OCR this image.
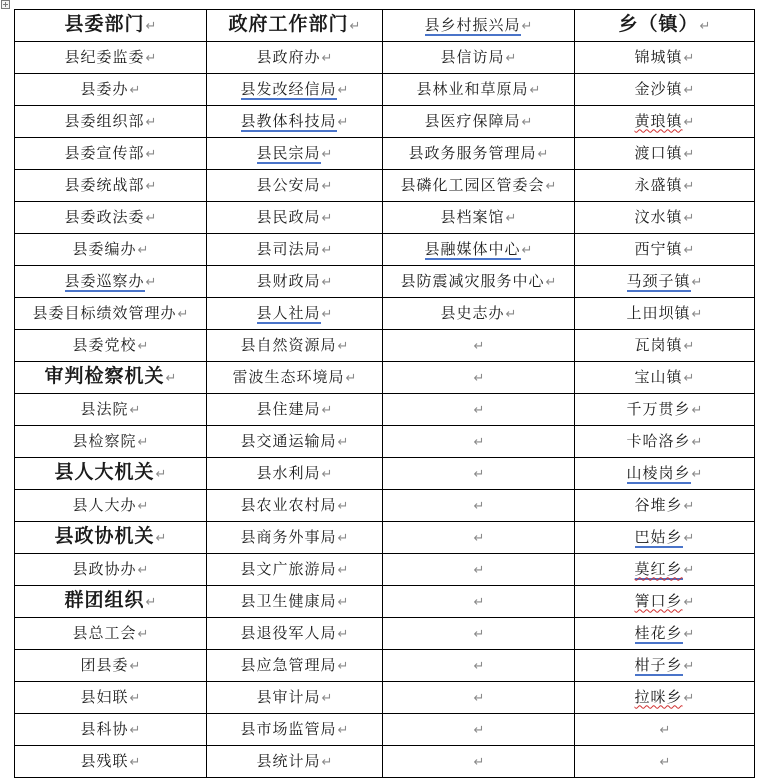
县委部门↵	政府工作部门↵	县乡村振兴局↵	乡（镇）↵
县纪委监委↵	县政府办↵	县信访局↵	锦城镇↵
县委办↵	县发改经信局↵	县林业和草原局↵	金沙镇↵
县委组织部↵	县教体科技局↵	县医疗保障局↵	黄琅镇↵
县委宣传部↵	县民宗局↵	县政务服务管理局↵	渡口镇↵
县委统战部↵	县公安局↵	县磷化工园区管委会↵	永盛镇↵
县委政法委↵	县民政局↵	县档案馆↵	汶水镇↵
县委编办↵	县司法局↵	县融媒体中心↵	西宁镇↵
县委巡察办↵	县财政局↵	县防震减灾服务中心↵	马颈子镇↵
县委目标绩效管理办↵	县人社局↵	县史志办↵	上田坝镇↵
县委党校↵	县自然资源局↵	↵	瓦岗镇↵
审判检察机关↵	雷波生态环境局↵	↵	宝山镇↵
县法院↵	县住建局↵	↵	千万贯乡↵
县检察院↵	县交通运输局↵	↵	卡哈洛乡↵
县人大机关↵	县水利局↵	↵	山棱岗乡↵
县人大办↵	县农业农村局↵	↵	谷堆乡↵
县政协机关↵	县商务外事局↵	↵	巴姑乡↵
县政协办↵	县文广旅游局↵	↵	莫红乡↵
群团组织↵	县卫生健康局↵	↵	箐口乡↵
县总工会↵	县退役军人局↵	↵	桂花乡↵
团县委↵	县应急管理局↵	↵	柑子乡↵
县妇联↵	县审计局↵	↵	拉咪乡↵
县科协↵	县市场监管局↵	↵	↵
县残联↵	县统计局↵	↵	↵
